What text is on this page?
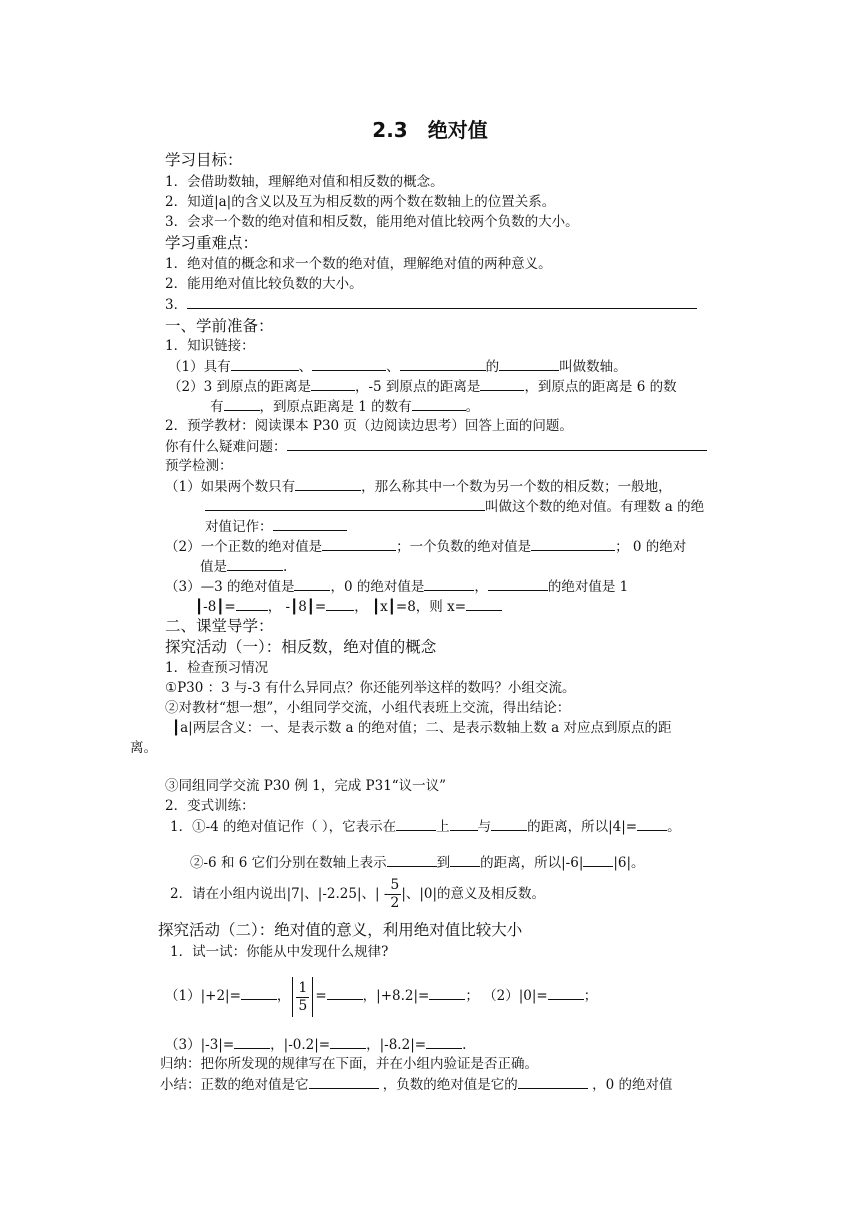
2.3　绝对值
学习目标：
1．会借助数轴，理解绝对值和相反数的概念。
2．知道|a|的含义以及互为相反数的两个数在数轴上的位置关系。
3．会求一个数的绝对值和相反数，能用绝对值比较两个负数的大小。
学习重难点：
1．绝对值的概念和求一个数的绝对值，理解绝对值的两种意义。
2．能用绝对值比较负数的大小。
3．
一、学前准备：
1．知识链接：
（1）具有	、	、	的	叫做数轴。
（2）3 到原点的距离是	，-5 到原点的距离是	，到原点的距离是 6 的数
有	，到原点距离是 1 的数有	。
2．预学教材：阅读课本 P30 页（边阅读边思考）回答上面的问题。
你有什么疑难问题：
预学检测：
（1）如果两个数只有	，那么称其中一个数为另一个数的相反数；一般地，
叫做这个数的绝对值。有理数 a 的绝
对值记作：
（2）一个正数的绝对值是	；一个负数的绝对值是	； 0 的绝对
值是	.
（3）—3 的绝对值是	，0 的绝对值是	，	的绝对值是 1
┃-8┃= ， -┃8┃= ， ┃x┃=8，则 x=
二、课堂导学：
探究活动（一）：相反数，绝对值的概念
1．检查预习情况
①P30 ：3 与-3 有什么异同点？你还能列举这样的数吗？小组交流。
②对教材“想一想”，小组同学交流，小组代表班上交流，得出结论：
┃a|两层含义：一、是表示数 a 的绝对值；二、是表示数轴上数 a 对应点到原点的距
离。
③同组同学交流 P30 例 1，完成 P31“议一议”
2．变式训练：
1．①-4 的绝对值记作（ ），它表示在	上 与	的距离，所以|4|= 。
②-6 和 6 它们分别在数轴上表示	到 的距离，所以|-6| |6|。
2．请在小组内说出|7|、|-2.25|、| - $\frac{5}{2}$ |、|0|的意义及相反数。
探究活动（二）：绝对值的意义，利用绝对值比较大小
1．试一试：你能从中发现什么规律?
（1）|+2|=	， $\frac{1}{5}$ =	，|+8.2|=	； （2）|0|=	；
（3）|-3|=	，|-0.2|=	，|-8.2|=	.
归纳：把你所发现的规律写在下面，并在小组内验证是否正确。
小结：正数的绝对值是它	，负数的绝对值是它的	，0 的绝对值
